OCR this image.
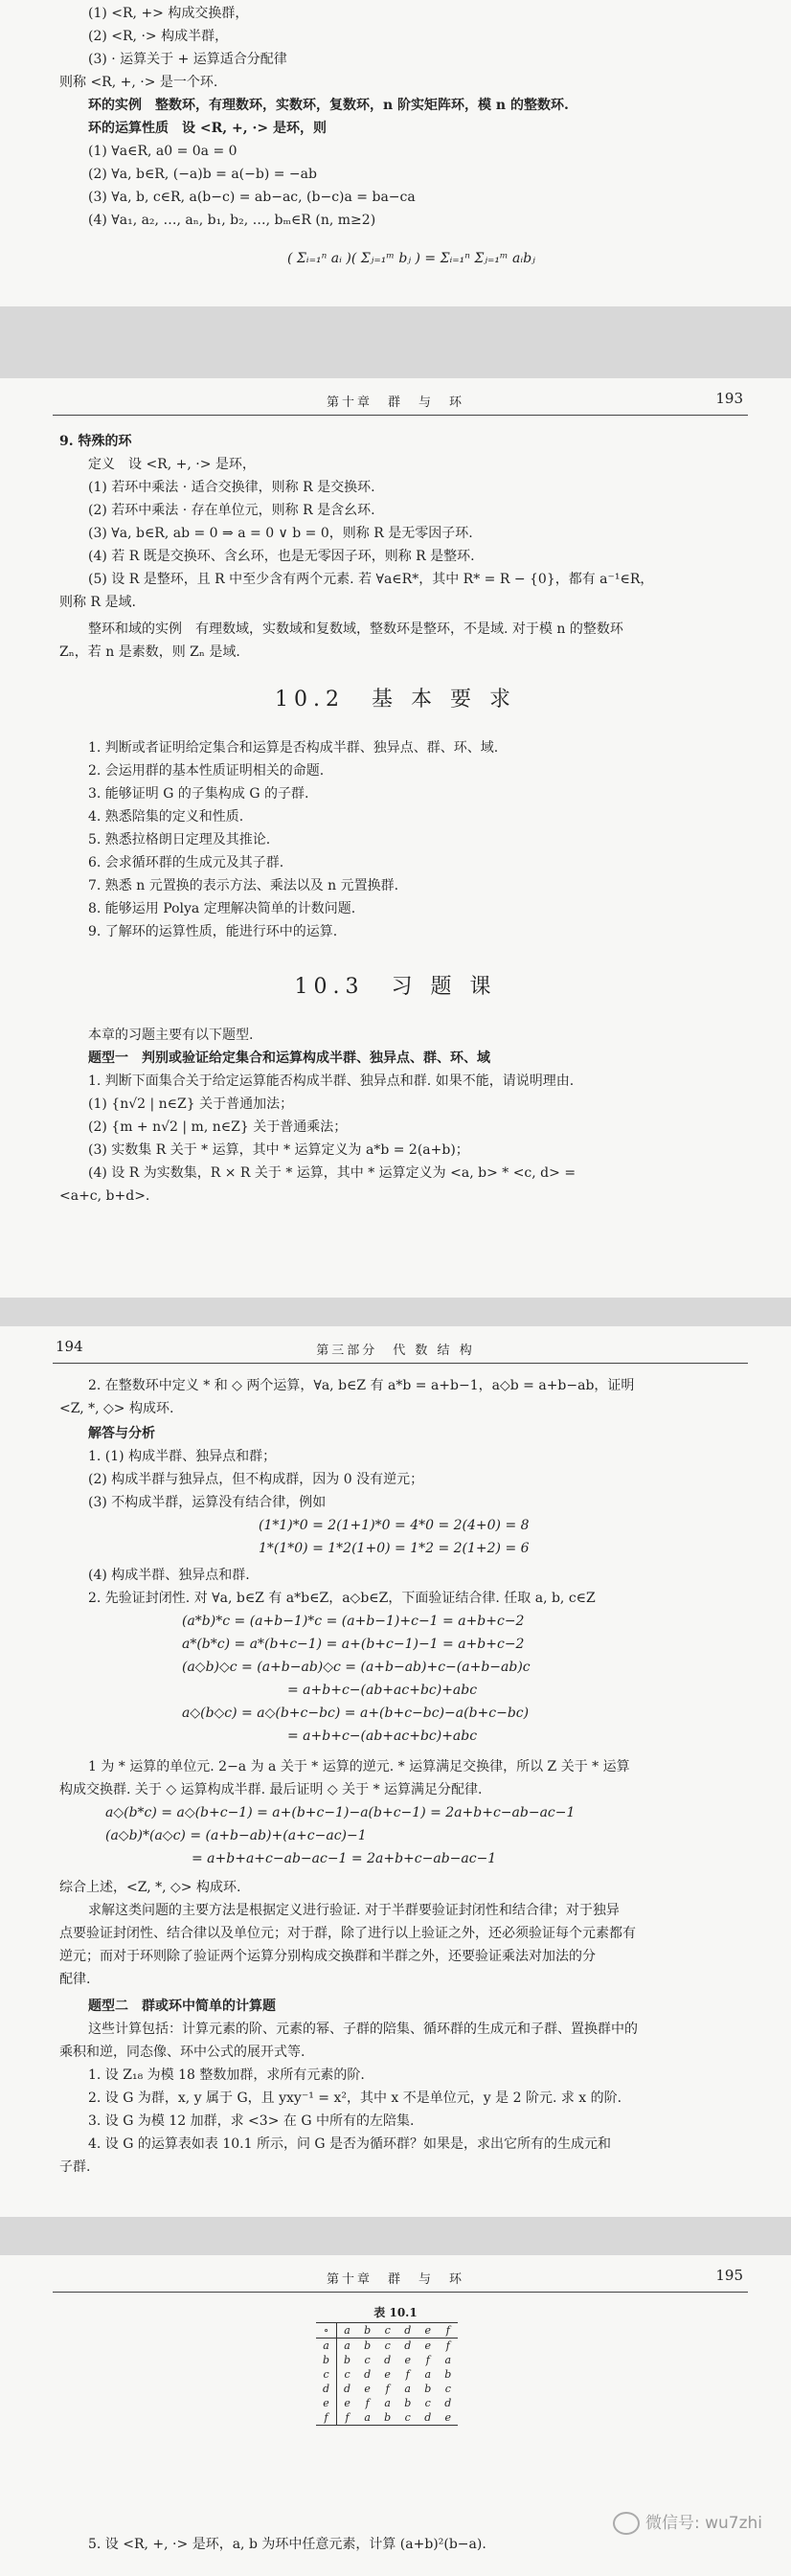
(1) <R, +> 构成交换群，
(2) <R, ·> 构成半群，
(3) · 运算关于 + 运算适合分配律
则称 <R, +, ·> 是一个环.
环的实例　整数环，有理数环，实数环，复数环，n 阶实矩阵环，模 n 的整数环.
环的运算性质　设 <R, +, ·> 是环，则
(1) ∀a∈R, a0 = 0a = 0
(2) ∀a, b∈R, (−a)b = a(−b) = −ab
(3) ∀a, b, c∈R, a(b−c) = ab−ac, (b−c)a = ba−ca
(4) ∀a₁, a₂, …, aₙ, b₁, b₂, …, bₘ∈R (n, m≥2)
( Σᵢ₌₁ⁿ aᵢ )( Σⱼ₌₁ᵐ bⱼ ) = Σᵢ₌₁ⁿ Σⱼ₌₁ᵐ aᵢbⱼ
第十章　群　与　环	193
9. 特殊的环
定义　设 <R, +, ·> 是环，
(1) 若环中乘法 · 适合交换律，则称 R 是交换环.
(2) 若环中乘法 · 存在单位元，则称 R 是含幺环.
(3) ∀a, b∈R, ab = 0 ⇒ a = 0 ∨ b = 0，则称 R 是无零因子环.
(4) 若 R 既是交换环、含幺环，也是无零因子环，则称 R 是整环.
(5) 设 R 是整环，且 R 中至少含有两个元素. 若 ∀a∈R*，其中 R* = R − {0}，都有 a⁻¹∈R，
则称 R 是域.
整环和域的实例　有理数域，实数域和复数域，整数环是整环，不是域. 对于模 n 的整数环
Zₙ，若 n 是素数，则 Zₙ 是域.
10.2　基 本 要 求
1. 判断或者证明给定集合和运算是否构成半群、独异点、群、环、域.
2. 会运用群的基本性质证明相关的命题.
3. 能够证明 G 的子集构成 G 的子群.
4. 熟悉陪集的定义和性质.
5. 熟悉拉格朗日定理及其推论.
6. 会求循环群的生成元及其子群.
7. 熟悉 n 元置换的表示方法、乘法以及 n 元置换群.
8. 能够运用 Polya 定理解决简单的计数问题.
9. 了解环的运算性质，能进行环中的运算.
10.3　习 题 课
本章的习题主要有以下题型.
题型一　判别或验证给定集合和运算构成半群、独异点、群、环、域
1. 判断下面集合关于给定运算能否构成半群、独异点和群. 如果不能，请说明理由.
(1) {n√2 | n∈Z} 关于普通加法；
(2) {m + n√2 | m, n∈Z} 关于普通乘法；
(3) 实数集 R 关于 * 运算，其中 * 运算定义为 a*b = 2(a+b)；
(4) 设 R 为实数集，R × R 关于 * 运算，其中 * 运算定义为 <a, b> * <c, d> =
<a+c, b+d>.
第三部分　代 数 结 构
194
2. 在整数环中定义 * 和 ◇ 两个运算，∀a, b∈Z 有 a*b = a+b−1，a◇b = a+b−ab，证明
<Z, *, ◇> 构成环.
解答与分析
1. (1) 构成半群、独异点和群；
(2) 构成半群与独异点，但不构成群，因为 0 没有逆元；
(3) 不构成半群，运算没有结合律，例如
(1*1)*0 = 2(1+1)*0 = 4*0 = 2(4+0) = 8
1*(1*0) = 1*2(1+0) = 1*2 = 2(1+2) = 6
(4) 构成半群、独异点和群.
2. 先验证封闭性. 对 ∀a, b∈Z 有 a*b∈Z，a◇b∈Z，下面验证结合律. 任取 a, b, c∈Z
(a*b)*c = (a+b−1)*c = (a+b−1)+c−1 = a+b+c−2
a*(b*c) = a*(b+c−1) = a+(b+c−1)−1 = a+b+c−2
(a◇b)◇c = (a+b−ab)◇c = (a+b−ab)+c−(a+b−ab)c
= a+b+c−(ab+ac+bc)+abc
a◇(b◇c) = a◇(b+c−bc) = a+(b+c−bc)−a(b+c−bc)
= a+b+c−(ab+ac+bc)+abc
1 为 * 运算的单位元. 2−a 为 a 关于 * 运算的逆元. * 运算满足交换律，所以 Z 关于 * 运算
构成交换群. 关于 ◇ 运算构成半群. 最后证明 ◇ 关于 * 运算满足分配律.
a◇(b*c) = a◇(b+c−1) = a+(b+c−1)−a(b+c−1) = 2a+b+c−ab−ac−1
(a◇b)*(a◇c) = (a+b−ab)+(a+c−ac)−1
= a+b+a+c−ab−ac−1 = 2a+b+c−ab−ac−1
综合上述，<Z, *, ◇> 构成环.
求解这类问题的主要方法是根据定义进行验证. 对于半群要验证封闭性和结合律；对于独异
点要验证封闭性、结合律以及单位元；对于群，除了进行以上验证之外，还必须验证每个元素都有
逆元；而对于环则除了验证两个运算分别构成交换群和半群之外，还要验证乘法对加法的分
配律.
题型二　群或环中简单的计算题
这些计算包括：计算元素的阶、元素的幂、子群的陪集、循环群的生成元和子群、置换群中的
乘积和逆，同态像、环中公式的展开式等.
1. 设 Z₁₈ 为模 18 整数加群，求所有元素的阶.
2. 设 G 为群，x, y 属于 G，且 yxy⁻¹ = x²，其中 x 不是单位元，y 是 2 阶元. 求 x 的阶.
3. 设 G 为模 12 加群，求 <3> 在 G 中所有的左陪集.
4. 设 G 的运算表如表 10.1 所示，问 G 是否为循环群？如果是，求出它所有的生成元和
子群.
第十章　群　与　环	195
表 10.1
∘	a	b	c	d	e	f
a	a	b	c	d	e	f
b	b	c	d	e	f	a
c	c	d	e	f	a	b
d	d	e	f	a	b	c
e	e	f	a	b	c	d
f	f	a	b	c	d	e
5. 设 <R, +, ·> 是环，a, b 为环中任意元素，计算 (a+b)²(b−a).
微信号: wu7zhi
